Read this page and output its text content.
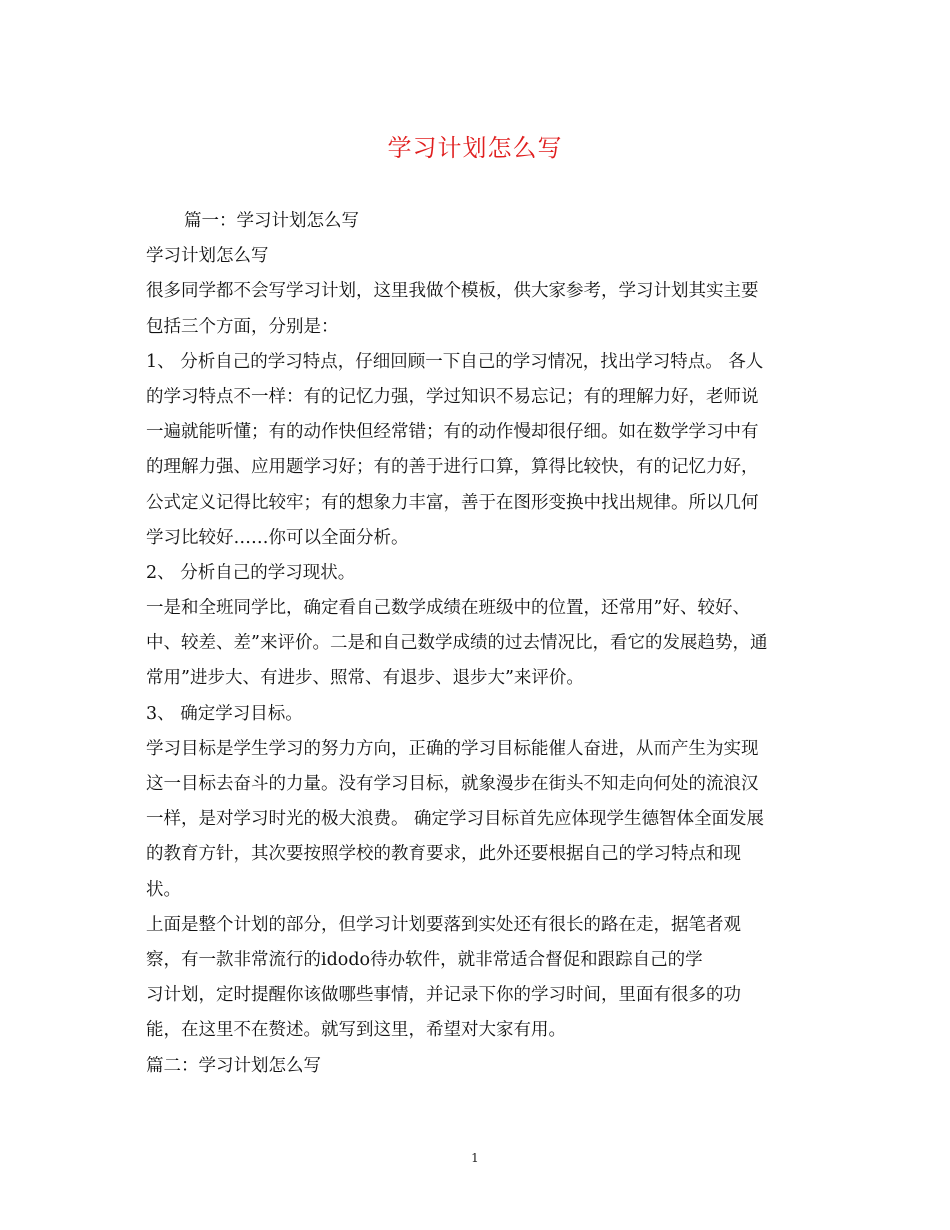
学习计划怎么写
篇一：学习计划怎么写
学习计划怎么写
很多同学都不会写学习计划，这里我做个模板，供大家参考，学习计划其实主要
包括三个方面，分别是：
1、 分析自己的学习特点，仔细回顾一下自己的学习情况，找出学习特点。 各人
的学习特点不一样：有的记忆力强，学过知识不易忘记；有的理解力好，老师说
一遍就能听懂；有的动作快但经常错；有的动作慢却很仔细。如在数学学习中有
的理解力强、应用题学习好；有的善于进行口算，算得比较快，有的记忆力好，
公式定义记得比较牢；有的想象力丰富，善于在图形变换中找出规律。所以几何
学习比较好……你可以全面分析。
2、 分析自己的学习现状。
一是和全班同学比，确定看自己数学成绩在班级中的位置，还常用”好、较好、
中、较差、差”来评价。二是和自己数学成绩的过去情况比，看它的发展趋势，通
常用”进步大、有进步、照常、有退步、退步大”来评价。
3、 确定学习目标。
学习目标是学生学习的努力方向，正确的学习目标能催人奋进，从而产生为实现
这一目标去奋斗的力量。没有学习目标，就象漫步在街头不知走向何处的流浪汉
一样，是对学习时光的极大浪费。 确定学习目标首先应体现学生德智体全面发展
的教育方针，其次要按照学校的教育要求，此外还要根据自己的学习特点和现
状。
上面是整个计划的部分，但学习计划要落到实处还有很长的路在走，据笔者观
察，有一款非常流行的idodo待办软件，就非常适合督促和跟踪自己的学
习计划，定时提醒你该做哪些事情，并记录下你的学习时间，里面有很多的功
能，在这里不在赘述。就写到这里，希望对大家有用。
篇二：学习计划怎么写
1
